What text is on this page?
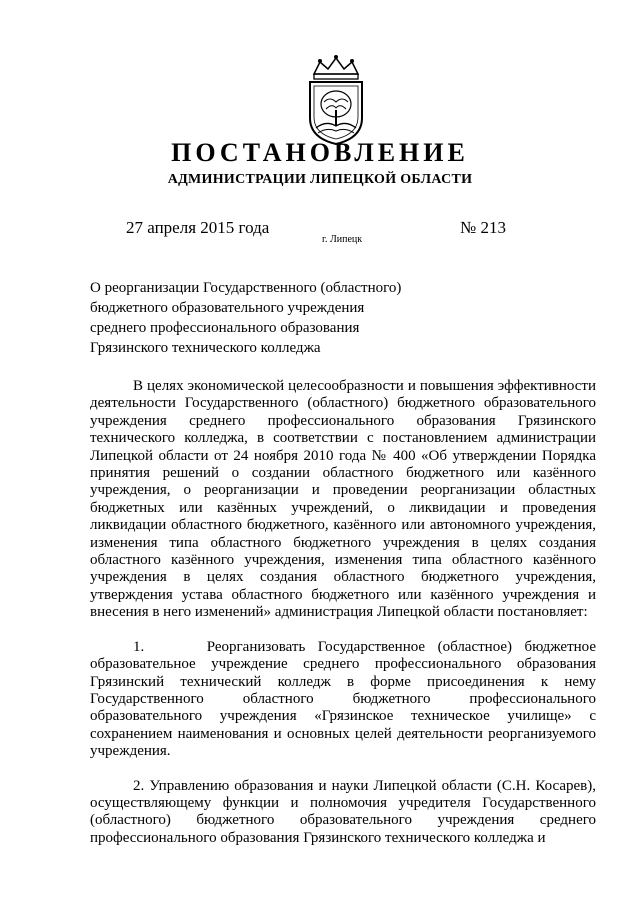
ПОСТАНОВЛЕНИЕ
АДМИНИСТРАЦИИ ЛИПЕЦКОЙ ОБЛАСТИ
27 апреля 2015 года
г. Липецк
№ 213
О реорганизации Государственного (областного)
бюджетного образовательного учреждения
среднего профессионального образования
Грязинского технического колледжа

В целях экономической целесообразности и повышения эффективности деятельности Государственного (областного) бюджетного образовательного учреждения среднего профессионального образования Грязинского технического колледжа, в соответствии с постановлением администрации Липецкой области от 24 ноября 2010 года № 400 «Об утверждении Порядка принятия решений о создании областного бюджетного или казённого учреждения, о реорганизации и проведении реорганизации областных бюджетных или казённых учреждений, о ликвидации и проведения ликвидации областного бюджетного, казённого или автономного учреждения, изменения типа областного бюджетного учреждения в целях создания областного казённого учреждения, изменения типа областного казённого учреждения в целях создания областного бюджетного учреждения, утверждения устава областного бюджетного или казённого учреждения и внесения в него изменений» администрация Липецкой области постановляет:

1.     Реорганизовать Государственное (областное) бюджетное образовательное учреждение среднего профессионального образования Грязинский технический колледж в форме присоединения к нему Государственного областного бюджетного профессионального образовательного учреждения «Грязинское техническое училище» с сохранением наименования и основных целей деятельности реорганизуемого учреждения.

2. Управлению образования и науки Липецкой области (С.Н. Косарев), осуществляющему функции и полномочия учредителя Государственного (областного) бюджетного образовательного учреждения среднего профессионального образования Грязинского технического колледжа и
